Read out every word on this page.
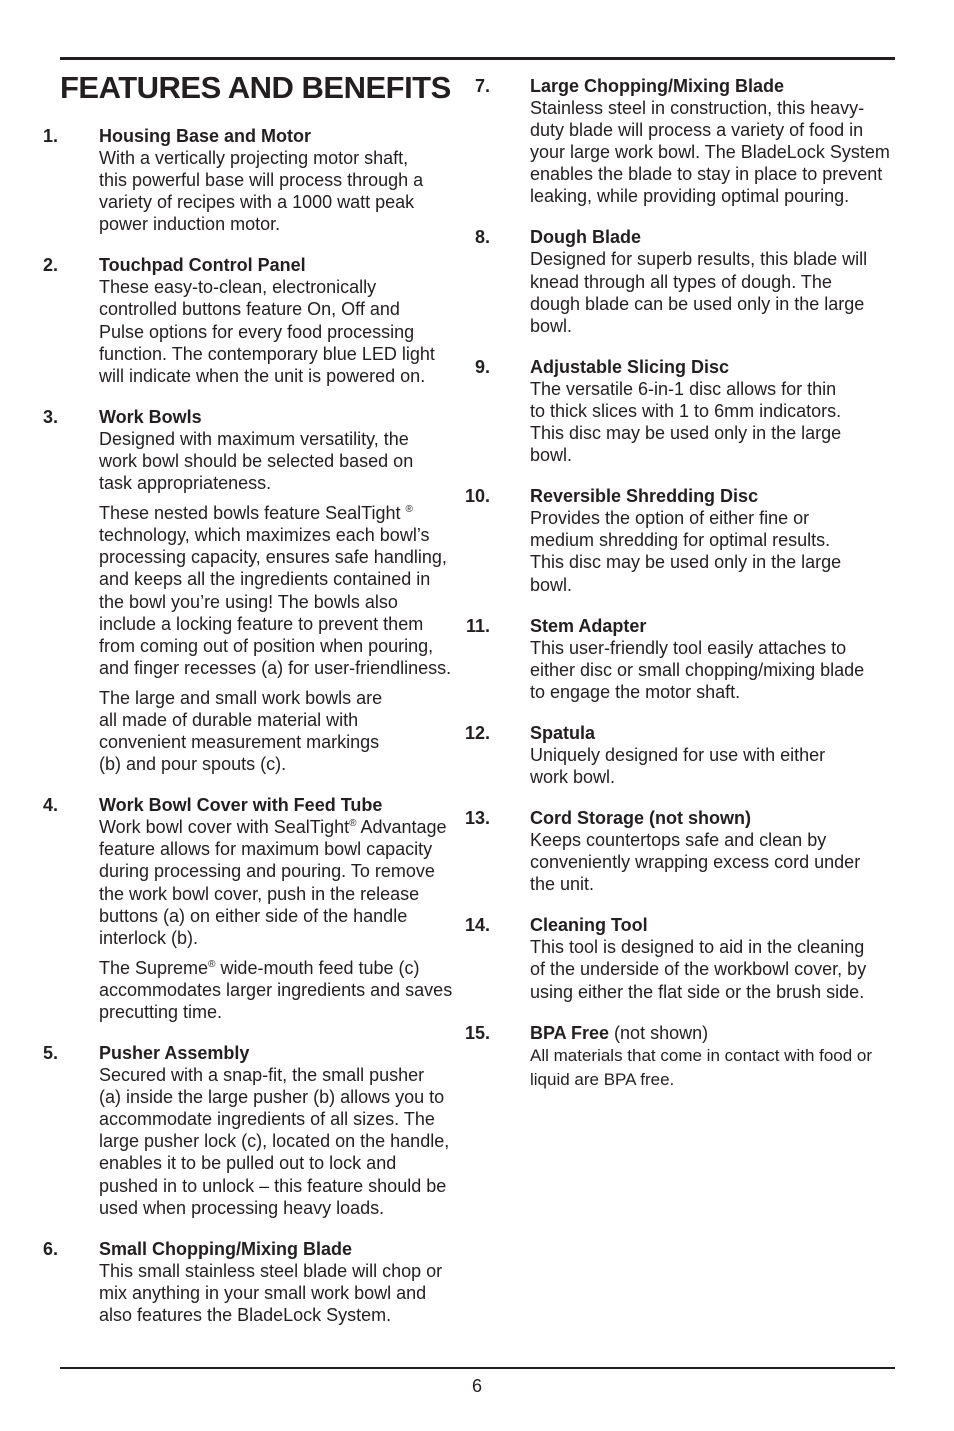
FEATURES AND BENEFITS
1. Housing Base and Motor

With a vertically projecting motor shaft,
this powerful base will process through a
variety of recipes with a 1000 watt peak
power induction motor.

2. Touchpad Control Panel

These easy-to-clean, electronically
controlled buttons feature On, Off and
Pulse options for every food processing
function. The contemporary blue LED light
will indicate when the unit is powered on.

3. Work Bowls

Designed with maximum versatility, the
work bowl should be selected based on
task appropriateness.

These nested bowls feature SealTight ®
technology, which maximizes each bowl’s
processing capacity, ensures safe handling,
and keeps all the ingredients contained in
the bowl you’re using! The bowls also
include a locking feature to prevent them
from coming out of position when pouring,
and finger recesses (a) for user-friendliness.

The large and small work bowls are
all made of durable material with
convenient measurement markings
(b) and pour spouts (c).

4. Work Bowl Cover with Feed Tube

Work bowl cover with SealTight® Advantage
feature allows for maximum bowl capacity
during processing and pouring. To remove
the work bowl cover, push in the release
buttons (a) on either side of the handle
interlock (b).

The Supreme® wide-mouth feed tube (c)
accommodates larger ingredients and saves
precutting time.

5. Pusher Assembly

Secured with a snap-fit, the small pusher
(a) inside the large pusher (b) allows you to
accommodate ingredients of all sizes. The
large pusher lock (c), located on the handle,
enables it to be pulled out to lock and
pushed in to unlock – this feature should be
used when processing heavy loads.

6. Small Chopping/Mixing Blade

This small stainless steel blade will chop or
mix anything in your small work bowl and
also features the BladeLock System.

7. Large Chopping/Mixing Blade

Stainless steel in construction, this heavy-
duty blade will process a variety of food in
your large work bowl. The BladeLock System
enables the blade to stay in place to prevent
leaking, while providing optimal pouring.

8. Dough Blade

Designed for superb results, this blade will
knead through all types of dough. The
dough blade can be used only in the large
bowl.

9. Adjustable Slicing Disc

The versatile 6-in-1 disc allows for thin
to thick slices with 1 to 6mm indicators.
This disc may be used only in the large
bowl.

10. Reversible Shredding Disc

Provides the option of either fine or
medium shredding for optimal results.
This disc may be used only in the large
bowl.

11. Stem Adapter

This user-friendly tool easily attaches to
either disc or small chopping/mixing blade
to engage the motor shaft.

12. Spatula

Uniquely designed for use with either
work bowl.

13. Cord Storage (not shown)

Keeps countertops safe and clean by
conveniently wrapping excess cord under
the unit.

14. Cleaning Tool

This tool is designed to aid in the cleaning
of the underside of the workbowl cover, by
using either the flat side or the brush side.

15. BPA Free (not shown)

All materials that come in contact with food or
liquid are BPA free.

6
